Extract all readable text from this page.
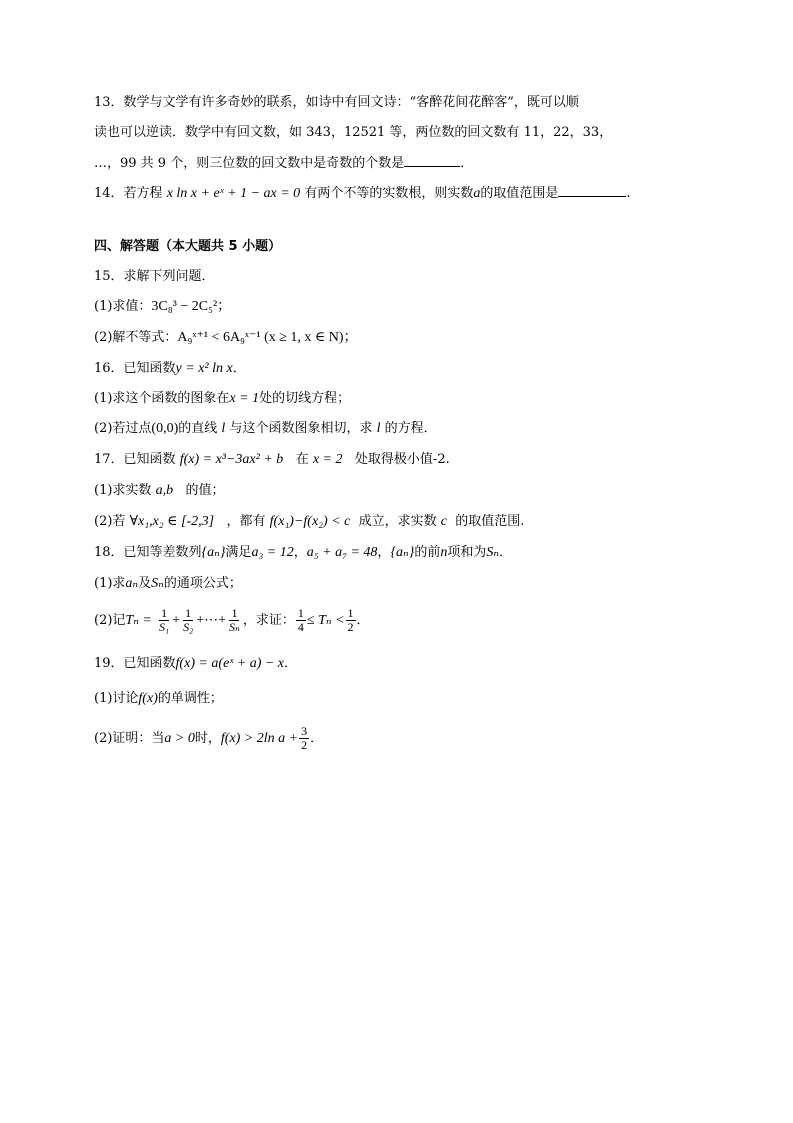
13．数学与文学有许多奇妙的联系，如诗中有回文诗：“客醉花间花醉客”，既可以顺
读也可以逆读．数学中有回文数，如 343，12521 等，两位数的回文数有 11，22，33，
…，99 共 9 个，则三位数的回文数中是奇数的个数是	．
14．若方程 x ln x + eˣ + 1 − ax = 0 有两个不等的实数根，则实数a的取值范围是	.
四、解答题（本大题共 5 小题）
15．求解下列问题．
(1)求值：3C₈³ − 2C₅²；
(2)解不等式：A₉ˣ⁺¹ < 6A₉ˣ⁻¹ (x ≥ 1, x ∈ N)；
16．已知函数y = x² ln x．
(1)求这个函数的图象在x = 1处的切线方程；
(2)若过点(0,0)的直线 l 与这个函数图象相切，求 l 的方程．
17．已知函数 f(x) = x³−3ax² + b 在 x = 2 处取得极小值-2.
(1)求实数 a,b 的值；
(2)若 ∀x₁,x₂ ∈ [-2,3] ，都有 f(x₁)−f(x₂) < c 成立，求实数 c 的取值范围.
18．已知等差数列{aₙ}满足a₃ = 12，a₅ + a₇ = 48，{aₙ}的前n项和为Sₙ．
(1)求aₙ及Sₙ的通项公式；
(2)记$T_n = \frac{1}{\text{S₁}} + \frac{1}{\text{S₂}}$ +⋯+ $\frac{1}{\text{Sₙ}}$ ，求证： $\frac{1}{4} \le T_n < \frac{1}{2}$ ．
19．已知函数f(x) = a(eˣ + a) − x．
(1)讨论f(x)的单调性；
(2)证明：当a > 0时，f(x) > 2ln $a + \frac{3}{2}$ ．
